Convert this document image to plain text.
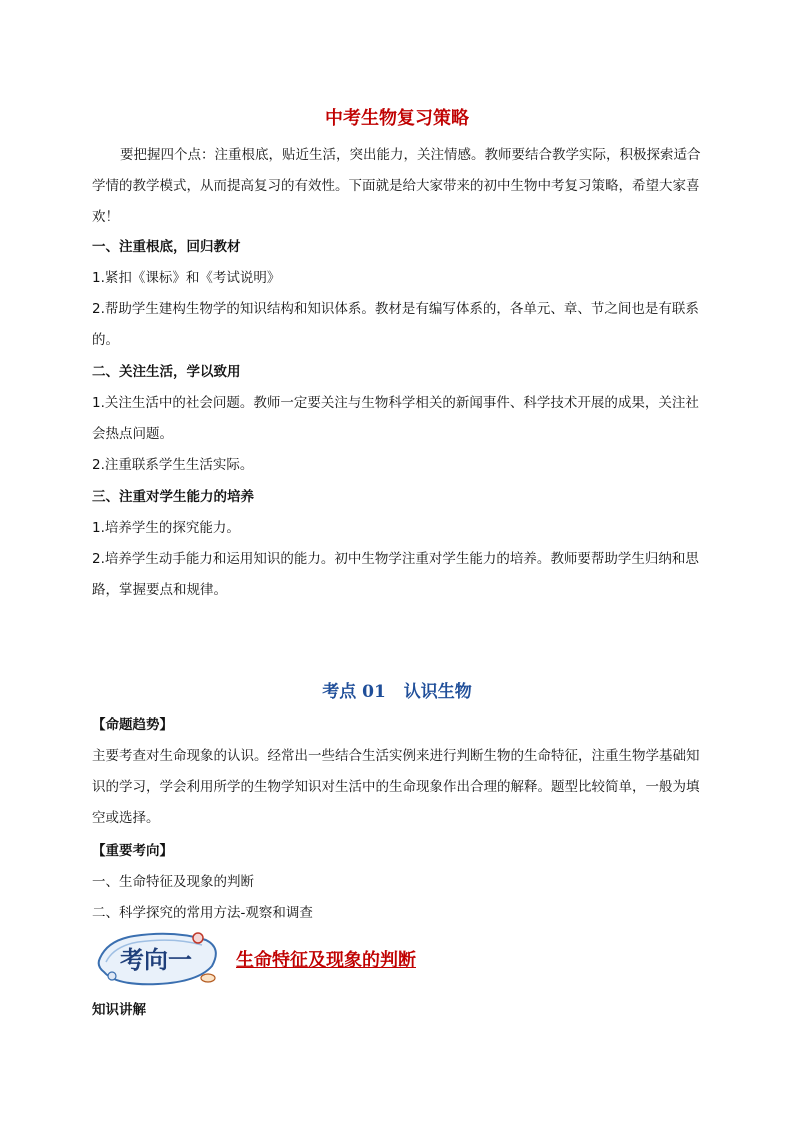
中考生物复习策略

要把握四个点：注重根底，贴近生活，突出能力，关注情感。教师要结合教学实际，积极探索适合学情的教学模式，从而提高复习的有效性。下面就是给大家带来的初中生物中考复习策略，希望大家喜欢！

一、注重根底，回归教材
1.紧扣《课标》和《考试说明》

2.帮助学生建构生物学的知识结构和知识体系。教材是有编写体系的，各单元、章、节之间也是有联系的。

二、关注生活，学以致用

1.关注生活中的社会问题。教师一定要关注与生物科学相关的新闻事件、科学技术开展的成果，关注社会热点问题。

2.注重联系学生生活实际。
三、注重对学生能力的培养
1.培养学生的探究能力。

2.培养学生动手能力和运用知识的能力。初中生物学注重对学生能力的培养。教师要帮助学生归纳和思路，掌握要点和规律。

考点 01 认识生物
【命题趋势】

主要考查对生命现象的认识。经常出一些结合生活实例来进行判断生物的生命特征，注重生物学基础知识的学习，学会利用所学的生物学知识对生活中的生命现象作出合理的解释。题型比较简单，一般为填空或选择。

【重要考向】
一、生命特征及现象的判断
二、科学探究的常用方法-观察和调查
考向一 生命特征及现象的判断
知识讲解
